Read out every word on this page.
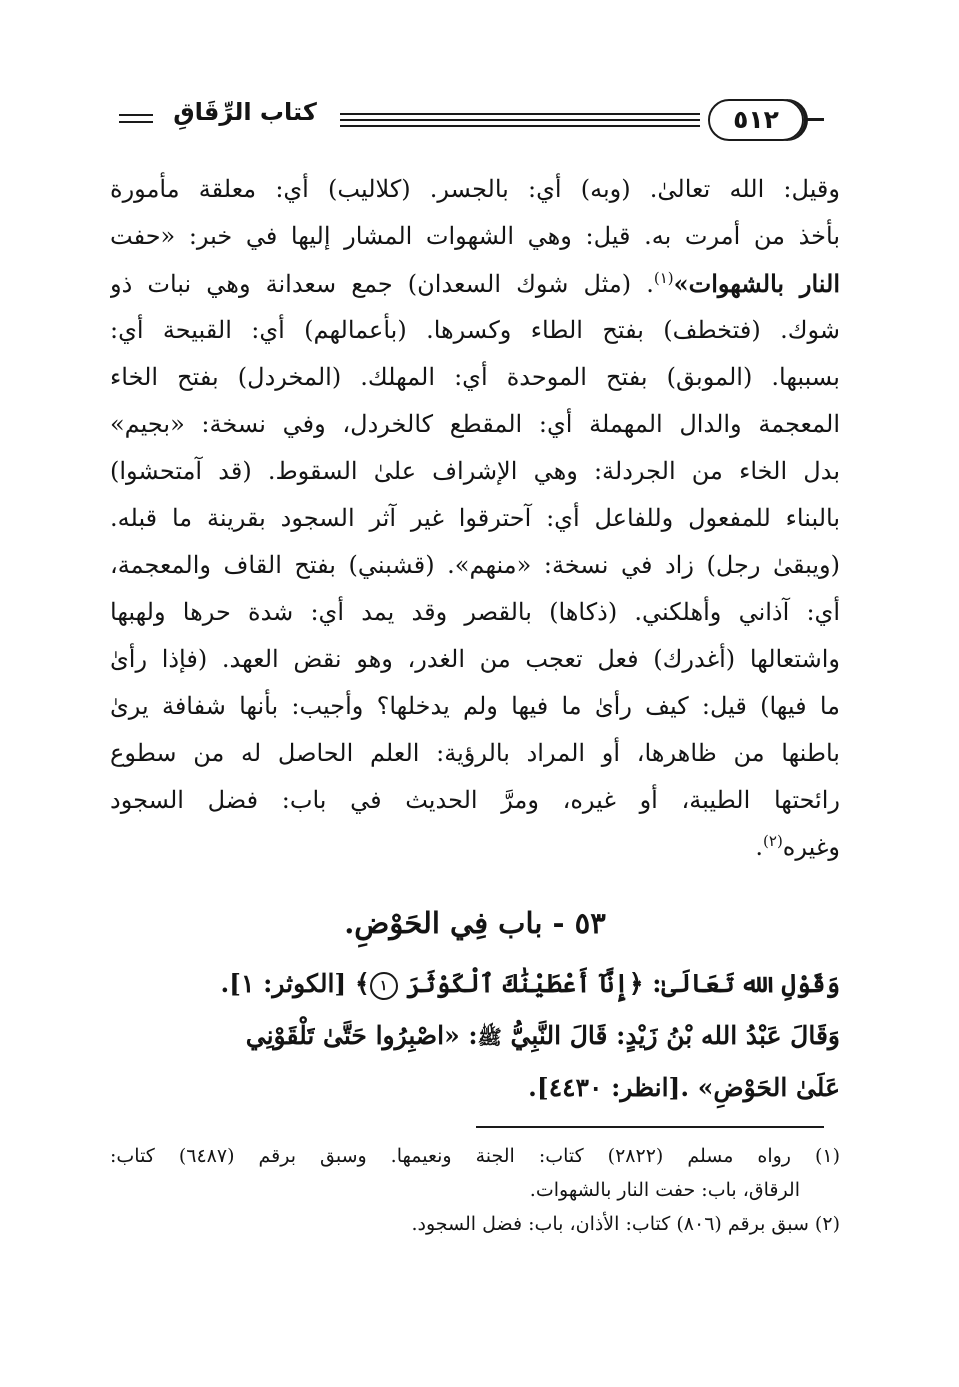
كتاب الرِّقَاقِ	٥١٢
وقيل: الله تعالىٰ. (وبه) أي: بالجسر. (كلاليب) أي: معلقة مأمورة
بأخذ من أمرت به. قيل: وهي الشهوات المشار إليها في خبر: «حفت
النار بالشهوات»$^{(١)}$. (مثل شوك السعدان) جمع سعدانة وهي نبات ذو
شوك. (فتخطف) بفتح الطاء وكسرها. (بأعمالهم) أي: القبيحة أي:
بسببها. (الموبق) بفتح الموحدة أي: المهلك. (المخردل) بفتح الخاء
المعجمة والدال المهملة أي: المقطع كالخردل، وفي نسخة: «بجيم»
بدل الخاء من الجردلة: وهي الإشراف علىٰ السقوط. (قد آمتحشوا)
بالبناء للمفعول وللفاعل أي: آحترقوا غير آثر السجود بقرينة ما قبله.
(ويبقىٰ رجل) زاد في نسخة: «منهم». (قشبني) بفتح القاف والمعجمة،
أي: آذاني وأهلكني. (ذكاها) بالقصر وقد يمد أي: شدة حرها ولهبها
واشتعالها (أغدرك) فعل تعجب من الغدر، وهو نقض العهد. (فإذا رأىٰ
ما فيها) قيل: كيف رأىٰ ما فيها ولم يدخلها؟ وأجيب: بأنها شفافة يرىٰ
باطنها من ظاهرها، أو المراد بالرؤية: العلم الحاصل له من سطوع
رائحتها الطيبة، أو غيره، ومرَّ الحديث في باب: فضل السجود
وغيره$^{(٢)}$.
٥٣ - باب فِي الحَوْضِ.
وَقَوْلِ الله تَعَالَىٰ: ﴿إِنَّآ أَعْطَيْنَٰكَ ٱلْكَوْثَرَ ١﴾ [الكوثر: ١].
وَقَالَ عَبْدُ الله بْنُ زَيْدٍ: قَالَ النَّبِيُّ ﷺ: «اصْبِرُوا حَتَّىٰ تَلْقَوْنِي
عَلَىٰ الحَوْضِ» .[انظر: ٤٤٣٠].
(١) رواه مسلم (٢٨٢٢) كتاب: الجنة ونعيمها. وسبق برقم (٦٤٨٧) كتاب:
الرقاق، باب: حفت النار بالشهوات.
(٢) سبق برقم (٨٠٦) كتاب: الأذان، باب: فضل السجود.
